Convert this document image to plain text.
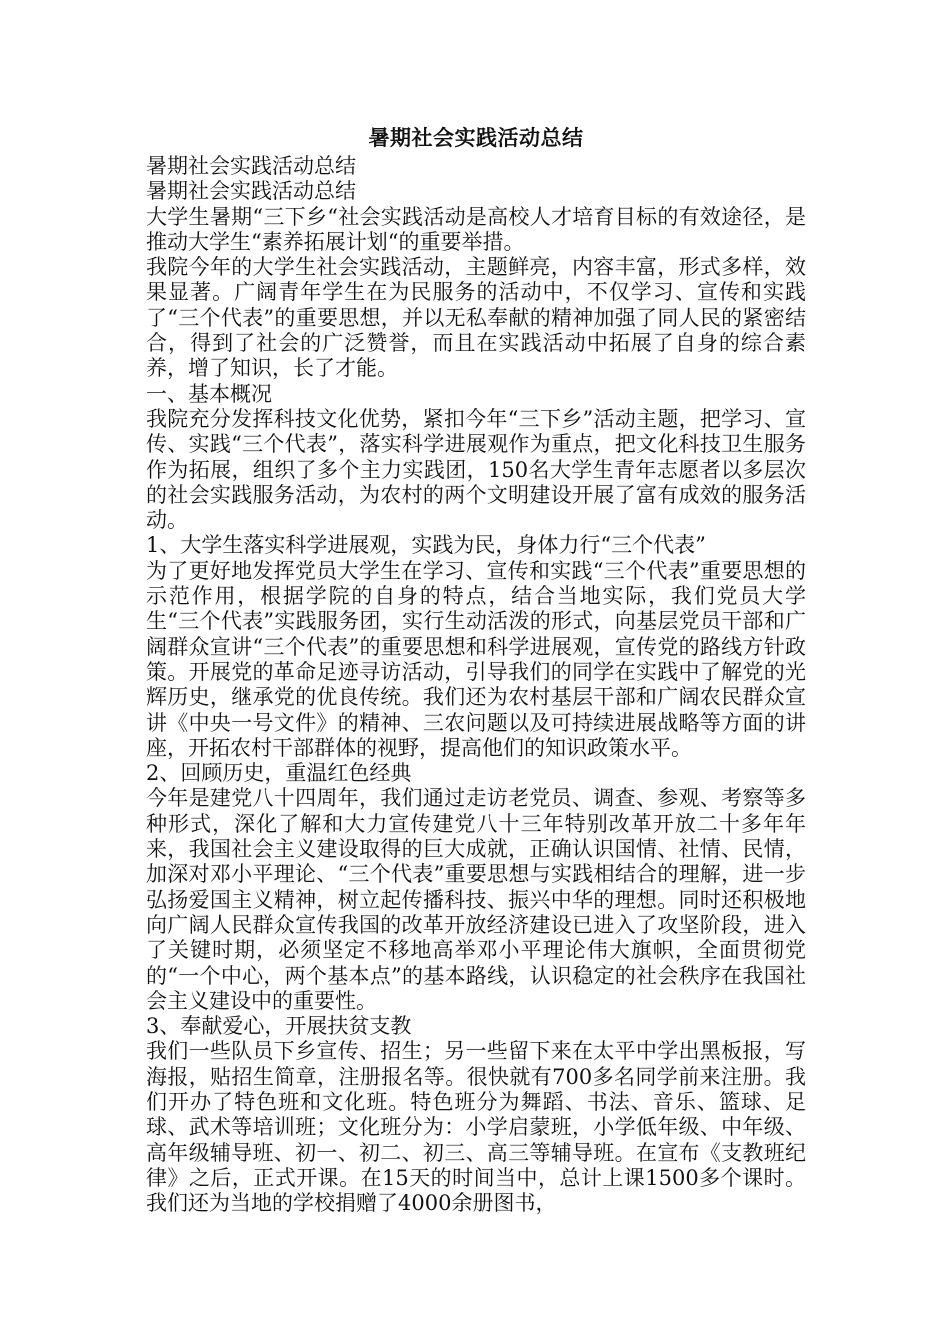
暑期社会实践活动总结

暑期社会实践活动总结

暑期社会实践活动总结

大学生暑期“三下乡“社会实践活动是高校人才培育目标的有效途径，是推动大学生“素养拓展计划“的重要举措。

我院今年的大学生社会实践活动，主题鲜亮，内容丰富，形式多样，效果显著。广阔青年学生在为民服务的活动中，不仅学习、宣传和实践了“三个代表”的重要思想，并以无私奉献的精神加强了同人民的紧密结合，得到了社会的广泛赞誉，而且在实践活动中拓展了自身的综合素养，增了知识，长了才能。

一、基本概况

我院充分发挥科技文化优势，紧扣今年“三下乡”活动主题，把学习、宣传、实践“三个代表”，落实科学进展观作为重点，把文化科技卫生服务作为拓展，组织了多个主力实践团，150名大学生青年志愿者以多层次的社会实践服务活动，为农村的两个文明建设开展了富有成效的服务活动。

1、大学生落实科学进展观，实践为民，身体力行“三个代表”

为了更好地发挥党员大学生在学习、宣传和实践“三个代表”重要思想的示范作用，根据学院的自身的特点，结合当地实际，我们党员大学生“三个代表”实践服务团，实行生动活泼的形式，向基层党员干部和广阔群众宣讲“三个代表”的重要思想和科学进展观，宣传党的路线方针政策。开展党的革命足迹寻访活动，引导我们的同学在实践中了解党的光辉历史，继承党的优良传统。我们还为农村基层干部和广阔农民群众宣讲《中央一号文件》的精神、三农问题以及可持续进展战略等方面的讲座，开拓农村干部群体的视野，提高他们的知识政策水平。

2、回顾历史，重温红色经典

今年是建党八十四周年，我们通过走访老党员、调查、参观、考察等多种形式，深化了解和大力宣传建党八十三年特别改革开放二十多年年来，我国社会主义建设取得的巨大成就，正确认识国情、社情、民情，加深对邓小平理论、“三个代表”重要思想与实践相结合的理解，进一步弘扬爱国主义精神，树立起传播科技、振兴中华的理想。同时还积极地向广阔人民群众宣传我国的改革开放经济建设已进入了攻坚阶段，进入了关键时期，必须坚定不移地高举邓小平理论伟大旗帜，全面贯彻党的“一个中心，两个基本点”的基本路线，认识稳定的社会秩序在我国社会主义建设中的重要性。

3、奉献爱心，开展扶贫支教

我们一些队员下乡宣传、招生；另一些留下来在太平中学出黑板报，写海报，贴招生简章，注册报名等。很快就有700多名同学前来注册。我们开办了特色班和文化班。特色班分为舞蹈、书法、音乐、篮球、足球、武术等培训班；文化班分为：小学启蒙班，小学低年级、中年级、高年级辅导班、初一、初二、初三、高三等辅导班。在宣布《支教班纪律》之后，正式开课。在15天的时间当中，总计上课1500多个课时。我们还为当地的学校捐赠了4000余册图书，
